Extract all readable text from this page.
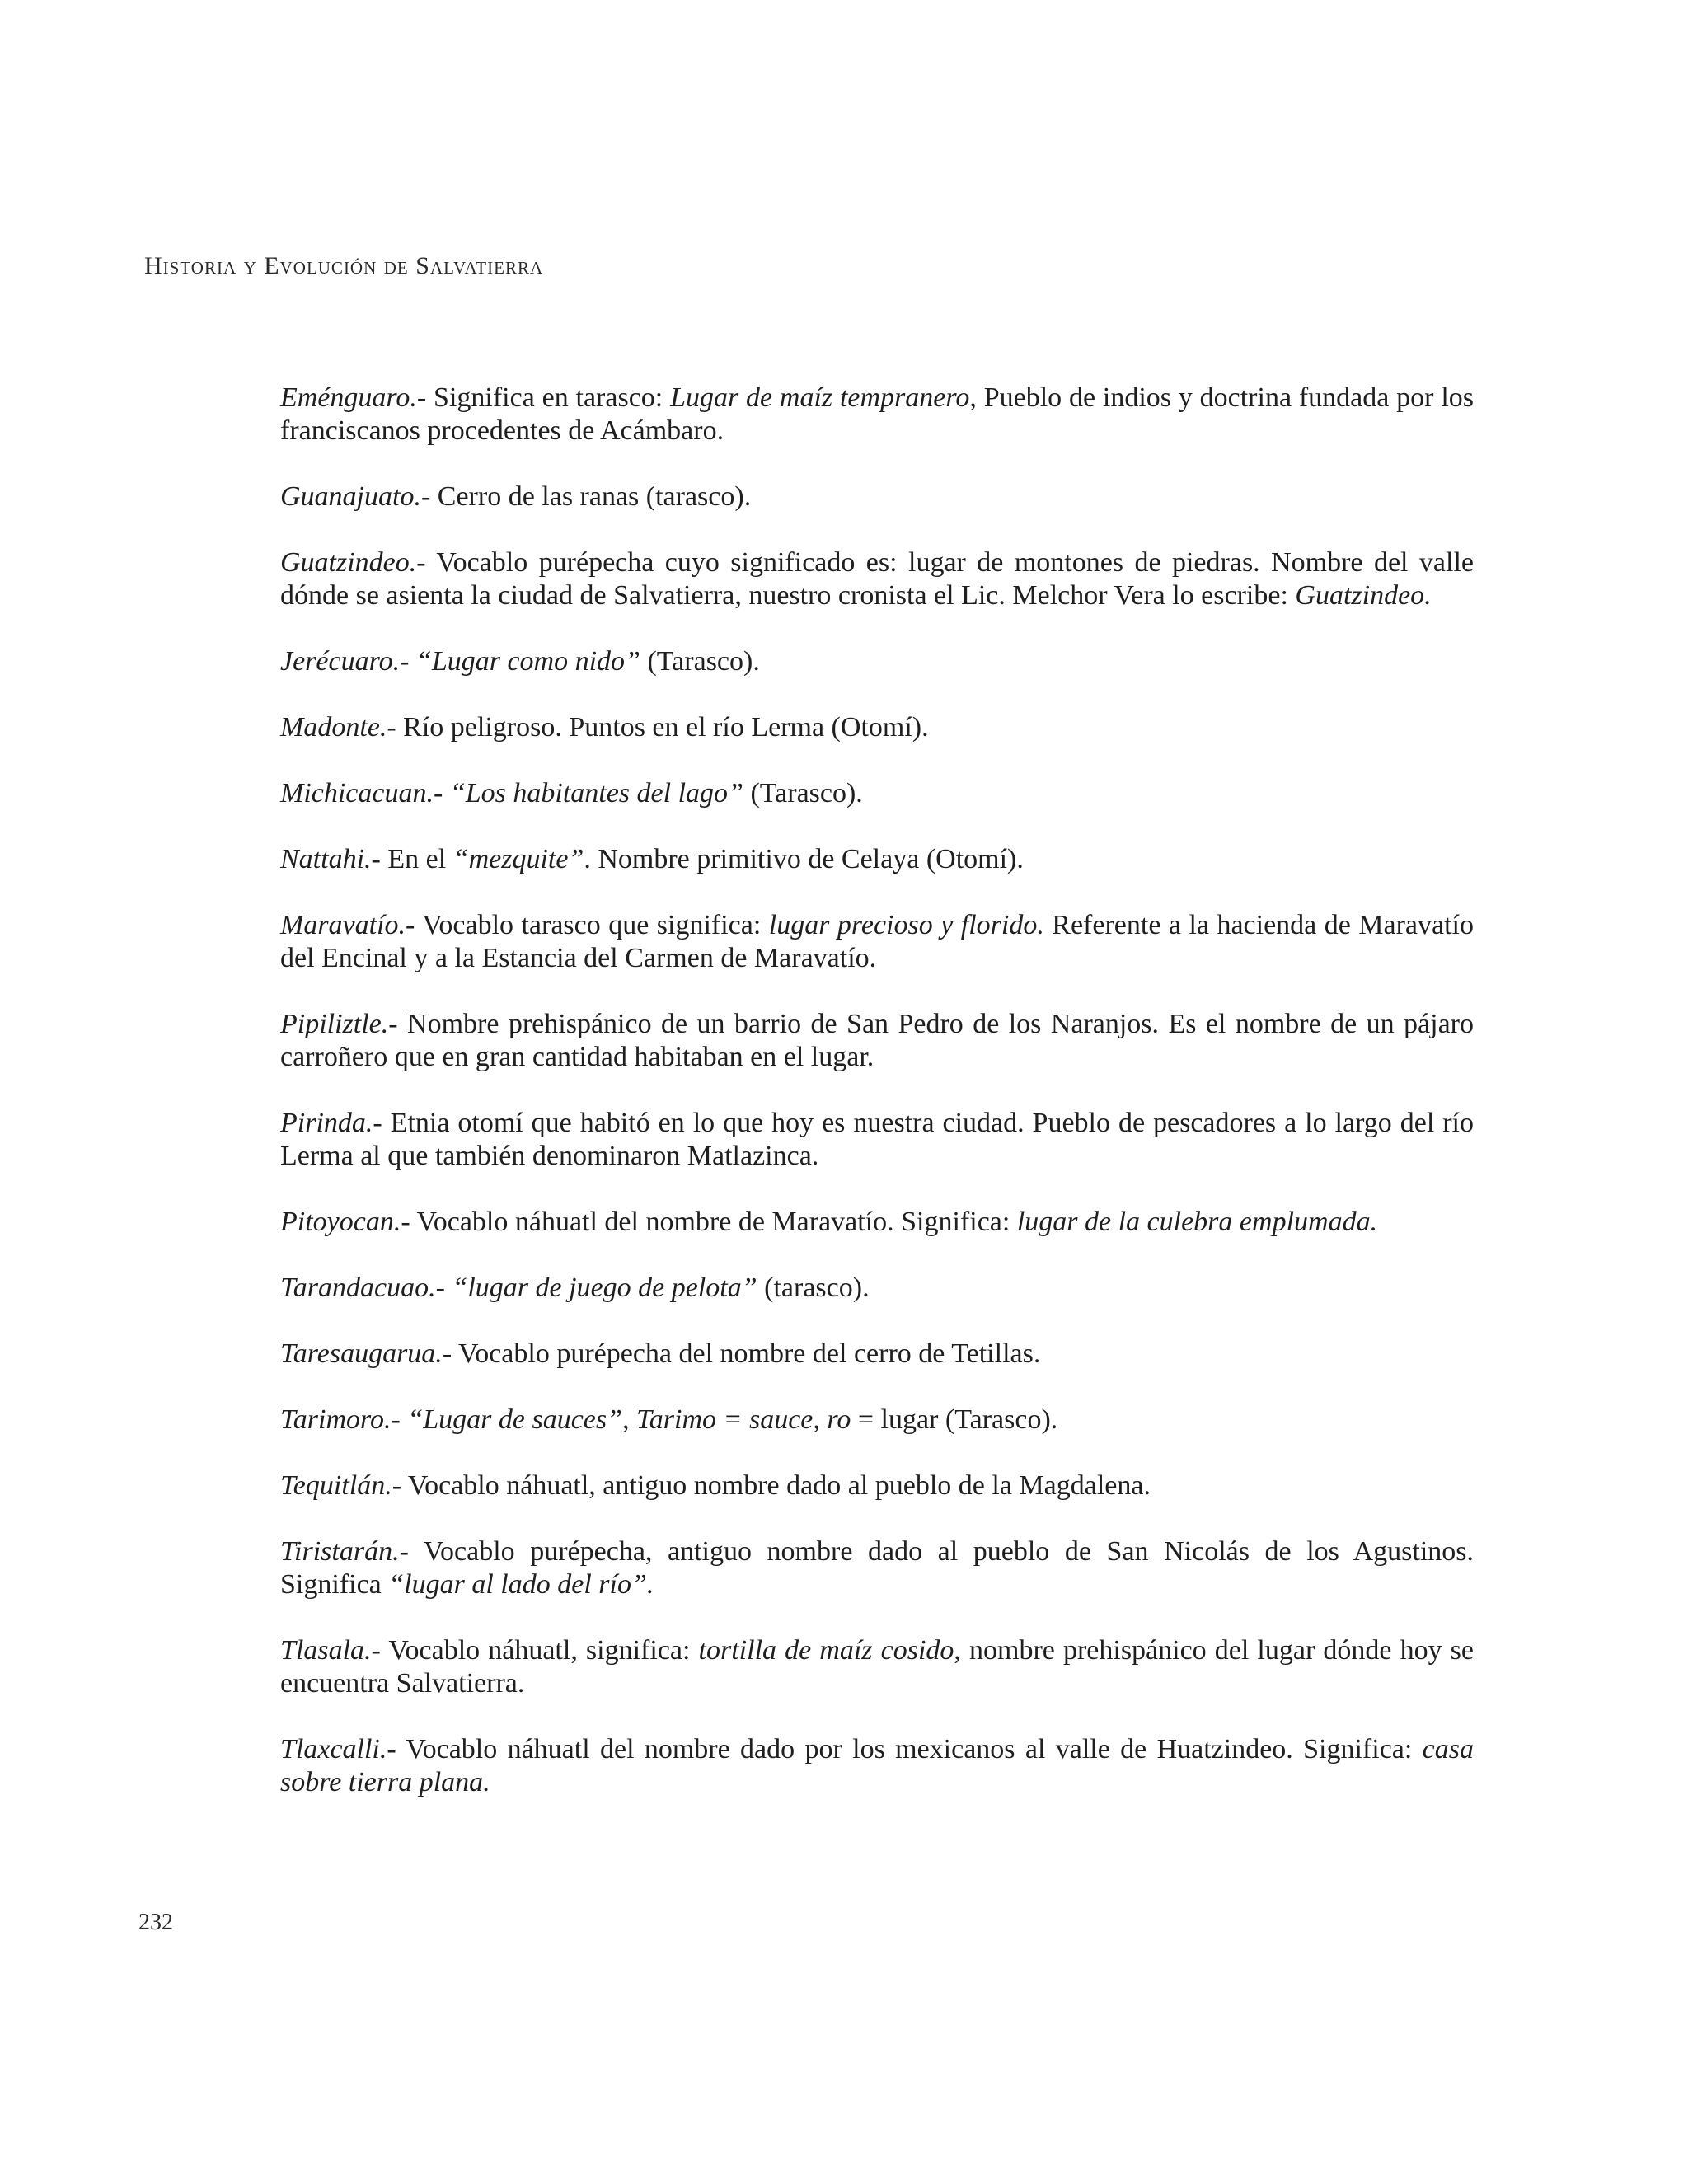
Historia y Evolución de Salvatierra

Eménguaro.- Significa en tarasco: Lugar de maíz tempranero, Pueblo de indios y doctrina fundada por los franciscanos procedentes de Acámbaro.

Guanajuato.- Cerro de las ranas (tarasco).

Guatzindeo.- Vocablo purépecha cuyo significado es: lugar de montones de piedras. Nombre del valle dónde se asienta la ciudad de Salvatierra, nuestro cronista el Lic. Melchor Vera lo escribe: Guatzindeo.

Jerécuaro.- “Lugar como nido” (Tarasco).

Madonte.- Río peligroso. Puntos en el río Lerma (Otomí).

Michicacuan.- “Los habitantes del lago” (Tarasco).

Nattahi.- En el “mezquite”. Nombre primitivo de Celaya (Otomí).

Maravatío.- Vocablo tarasco que significa: lugar precioso y florido. Referente a la hacienda de Maravatío del Encinal y a la Estancia del Carmen de Maravatío.

Pipiliztle.- Nombre prehispánico de un barrio de San Pedro de los Naranjos. Es el nombre de un pájaro carroñero que en gran cantidad habitaban en el lugar.

Pirinda.- Etnia otomí que habitó en lo que hoy es nuestra ciudad. Pueblo de pescadores a lo largo del río Lerma al que también denominaron Matlazinca.

Pitoyocan.- Vocablo náhuatl del nombre de Maravatío. Significa: lugar de la culebra emplumada.

Tarandacuao.- “lugar de juego de pelota” (tarasco).

Taresaugarua.- Vocablo purépecha del nombre del cerro de Tetillas.

Tarimoro.- “Lugar de sauces”, Tarimo = sauce, ro = lugar (Tarasco).

Tequitlán.- Vocablo náhuatl, antiguo nombre dado al pueblo de la Magdalena.

Tiristarán.- Vocablo purépecha, antiguo nombre dado al pueblo de San Nicolás de los Agustinos. Significa “lugar al lado del río”.

Tlasala.- Vocablo náhuatl, significa: tortilla de maíz cosido, nombre prehispánico del lugar dónde hoy se encuentra Salvatierra.

Tlaxcalli.- Vocablo náhuatl del nombre dado por los mexicanos al valle de Huatzindeo. Significa: casa sobre tierra plana.

232
